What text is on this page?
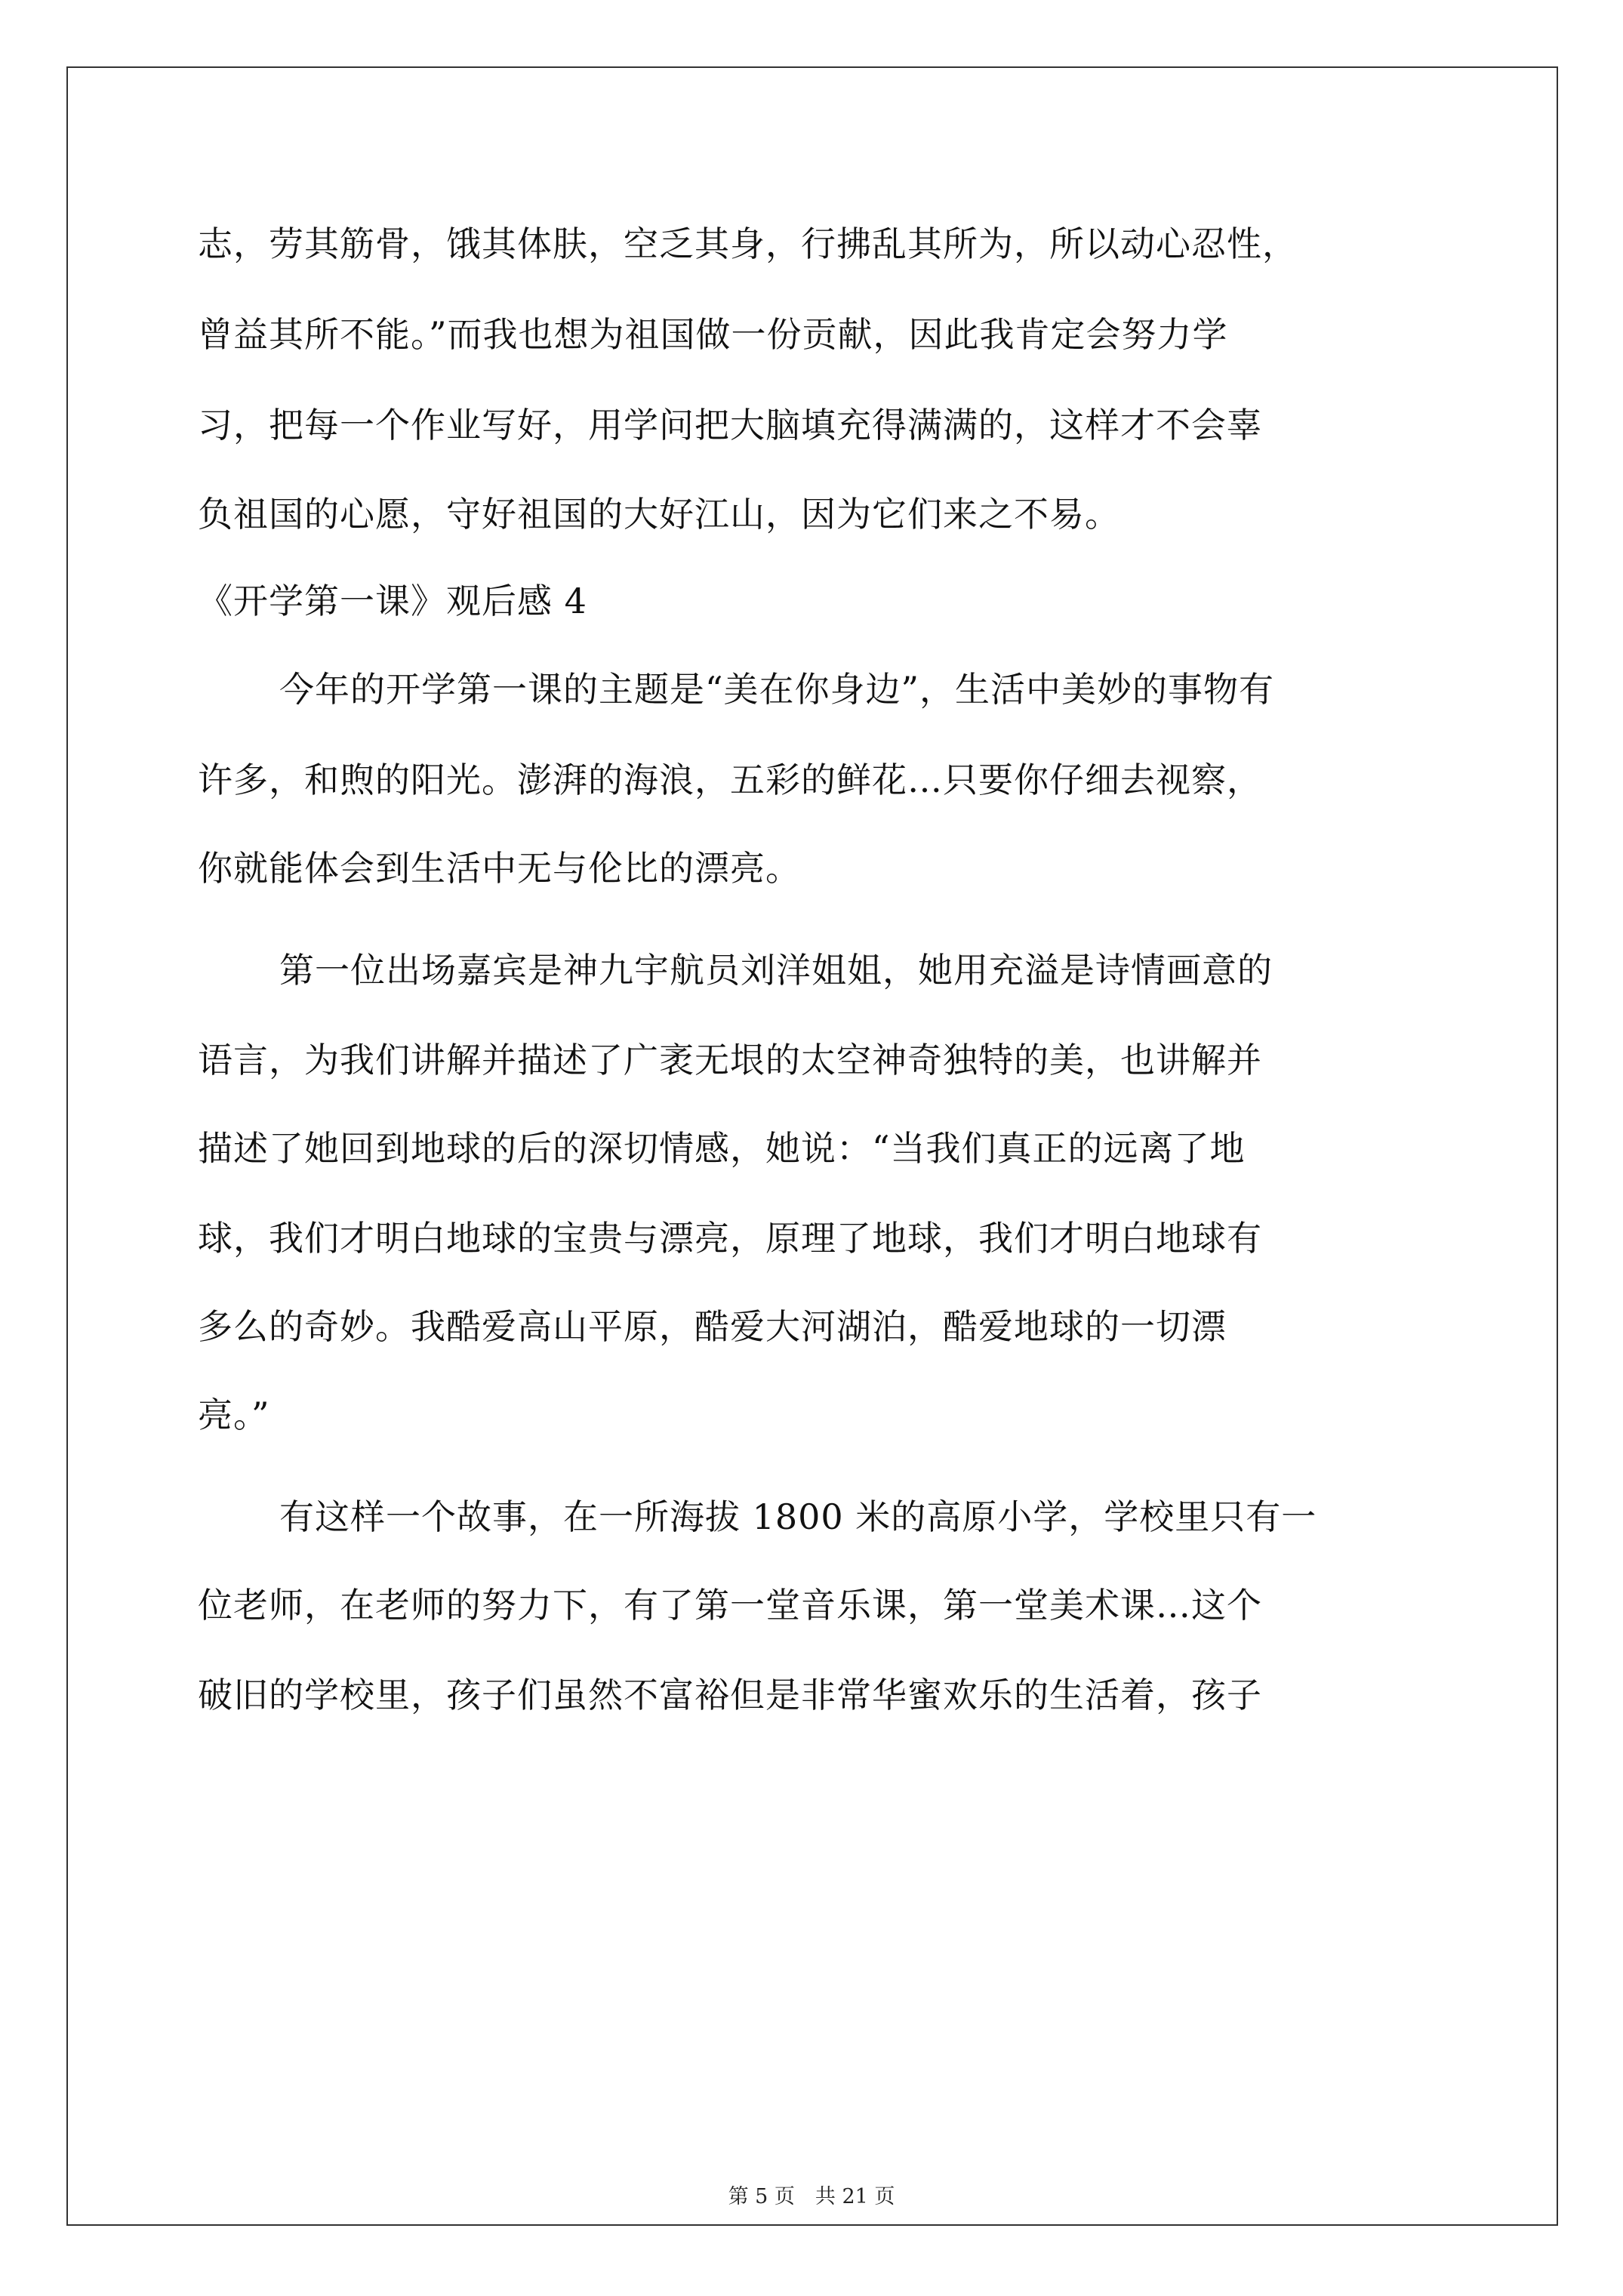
志，劳其筋骨，饿其体肤，空乏其身，行拂乱其所为，所以动心忍性，
曾益其所不能。”而我也想为祖国做一份贡献，因此我肯定会努力学
习，把每一个作业写好，用学问把大脑填充得满满的，这样才不会辜
负祖国的心愿，守好祖国的大好江山，因为它们来之不易。
《开学第一课》观后感 4
今年的开学第一课的主题是“美在你身边”，生活中美妙的事物有
许多，和煦的阳光。澎湃的海浪，五彩的鲜花…只要你仔细去视察，
你就能体会到生活中无与伦比的漂亮。
第一位出场嘉宾是神九宇航员刘洋姐姐，她用充溢是诗情画意的
语言，为我们讲解并描述了广袤无垠的太空神奇独特的美，也讲解并
描述了她回到地球的后的深切情感，她说：“当我们真正的远离了地
球，我们才明白地球的宝贵与漂亮，原理了地球，我们才明白地球有
多么的奇妙。我酷爱高山平原，酷爱大河湖泊，酷爱地球的一切漂
亮。”
有这样一个故事，在一所海拔 1800 米的高原小学，学校里只有一
位老师，在老师的努力下，有了第一堂音乐课，第一堂美术课…这个
破旧的学校里，孩子们虽然不富裕但是非常华蜜欢乐的生活着，孩子
第 5 页　共 21 页
